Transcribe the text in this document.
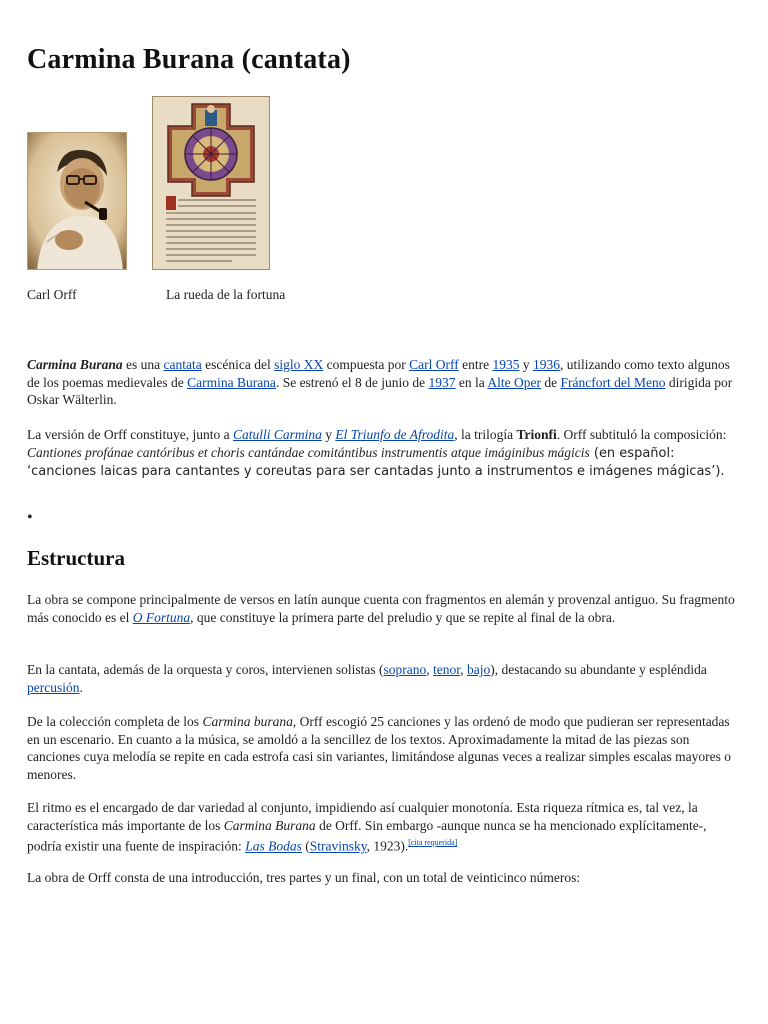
Carmina Burana (cantata)
Carl Orff	La rueda de la fortuna

Carmina Burana es una cantata escénica del siglo XX compuesta por Carl Orff entre 1935 y 1936, utilizando como texto algunos de los poemas medievales de Carmina Burana. Se estrenó el 8 de junio de 1937 en la Alte Oper de Fráncfort del Meno dirigida por Oskar Wälterlin.

La versión de Orff constituye, junto a Catulli Carmina y El Triunfo de Afrodita, la trilogía Trionfi. Orff subtituló la composición: Cantiones profánae cantóribus et choris cantándae comitántibus instrumentis atque imáginibus mágicis (en español: ‘canciones laicas para cantantes y coreutas para ser cantadas junto a instrumentos e imágenes mágicas’).

•
Estructura

La obra se compone principalmente de versos en latín aunque cuenta con fragmentos en alemán y provenzal antiguo. Su fragmento más conocido es el O Fortuna, que constituye la primera parte del preludio y que se repite al final de la obra.

En la cantata, además de la orquesta y coros, intervienen solistas (soprano, tenor, bajo), destacando su abundante y espléndida percusión.

De la colección completa de los Carmina burana, Orff escogió 25 canciones y las ordenó de modo que pudieran ser representadas en un escenario. En cuanto a la música, se amoldó a la sencillez de los textos. Aproximadamente la mitad de las piezas son canciones cuya melodía se repite en cada estrofa casi sin variantes, limitándose algunas veces a realizar simples escalas mayores o menores.

El ritmo es el encargado de dar variedad al conjunto, impidiendo así cualquier monotonía. Esta riqueza rítmica es, tal vez, la característica más importante de los Carmina Burana de Orff. Sin embargo -aunque nunca se ha mencionado explícitamente-, podría existir una fuente de inspiración: Las Bodas (Stravinsky, 1923).[cita requerida]

La obra de Orff consta de una introducción, tres partes y un final, con un total de veinticinco números:
